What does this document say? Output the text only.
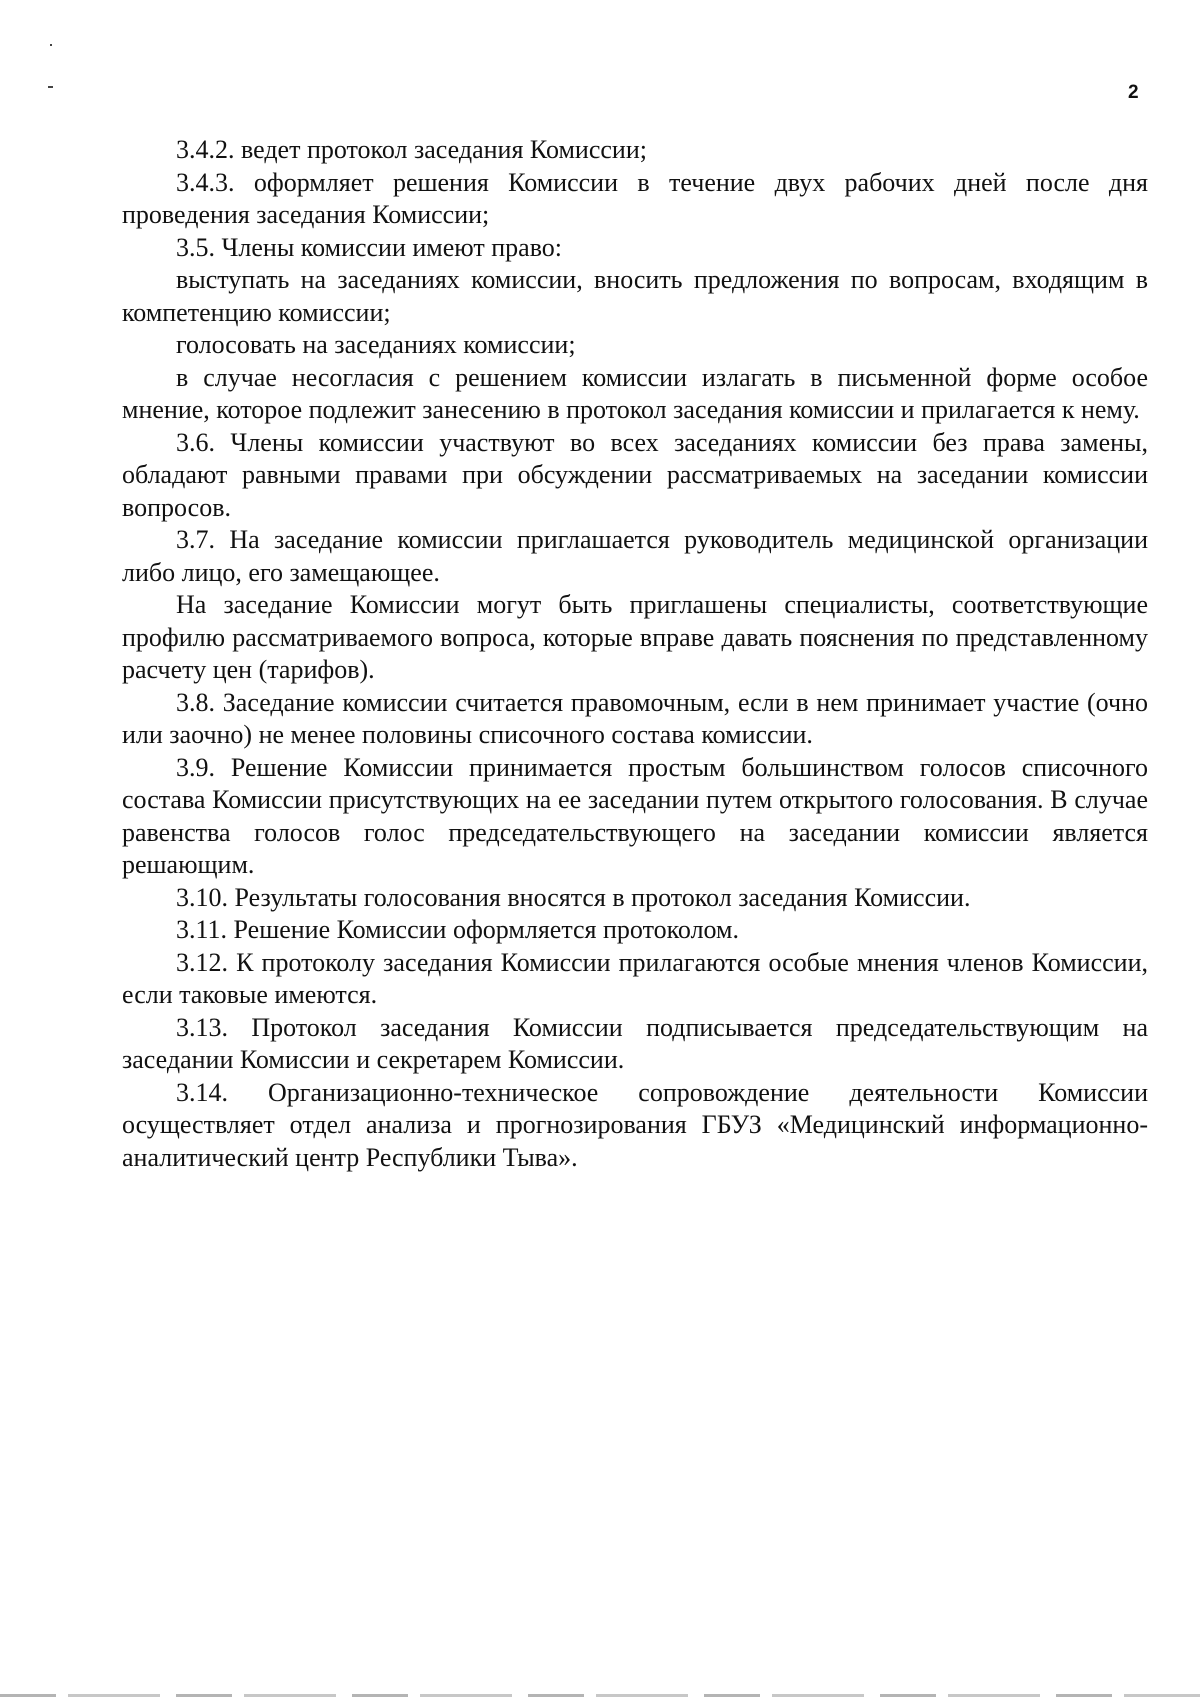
2

3.4.2. ведет протокол заседания Комиссии;

3.4.3. оформляет решения Комиссии в течение двух рабочих дней после дня проведения заседания Комиссии;

3.5. Члены комиссии имеют право:

выступать на заседаниях комиссии, вносить предложения по вопросам, входящим в компетенцию комиссии;

голосовать на заседаниях комиссии;

в случае несогласия с решением комиссии излагать в письменной форме особое мнение, которое подлежит занесению в протокол заседания комиссии и прилагается к нему.

3.6. Члены комиссии участвуют во всех заседаниях комиссии без права замены, обладают равными правами при обсуждении рассматриваемых на заседании комиссии вопросов.

3.7. На заседание комиссии приглашается руководитель медицинской организации либо лицо, его замещающее.

На заседание Комиссии могут быть приглашены специалисты, соответствующие профилю рассматриваемого вопроса, которые вправе давать пояснения по представленному расчету цен (тарифов).

3.8. Заседание комиссии считается правомочным, если в нем принимает участие (очно или заочно) не менее половины списочного состава комиссии.

3.9. Решение Комиссии принимается простым большинством голосов списочного состава Комиссии присутствующих на ее заседании путем открытого голосования. В случае равенства голосов голос председательствующего на заседании комиссии является решающим.

3.10. Результаты голосования вносятся в протокол заседания Комиссии.

3.11. Решение Комиссии оформляется протоколом.

3.12. К протоколу заседания Комиссии прилагаются особые мнения членов Комиссии, если таковые имеются.

3.13. Протокол заседания Комиссии подписывается председательствующим на заседании Комиссии и секретарем Комиссии.

3.14. Организационно-техническое сопровождение деятельности Комиссии осуществляет отдел анализа и прогнозирования ГБУЗ «Медицинский информационно-аналитический центр Республики Тыва».
